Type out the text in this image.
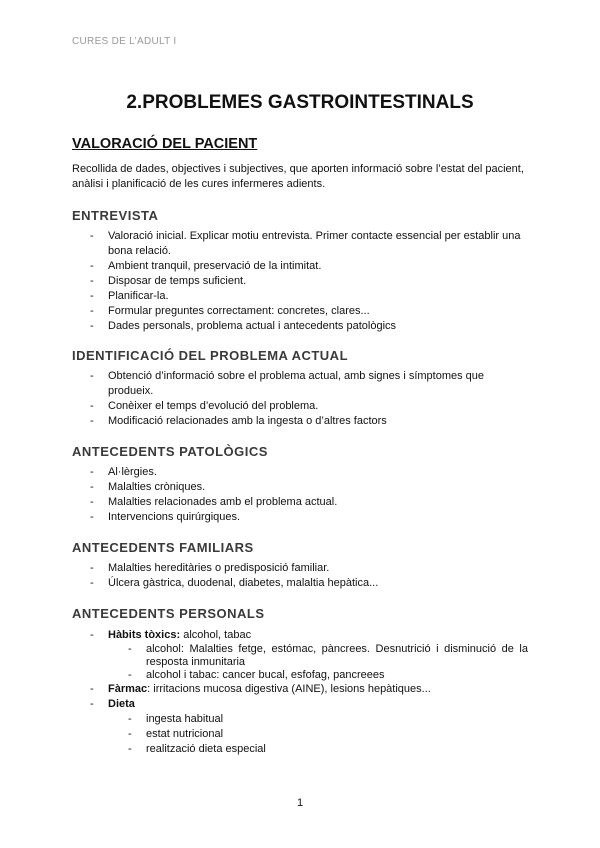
CURES DE L’ADULT I
2.PROBLEMES GASTROINTESTINALS
VALORACIÓ DEL PACIENT
Recollida de dades, objectives i subjectives, que aporten informació sobre l’estat del pacient, anàlisi i planificació de les cures infermeres adients.
ENTREVISTA
- Valoració inicial. Explicar motiu entrevista. Primer contacte essencial per establir una bona relació.
- Ambient tranquil, preservació de la intimitat.
- Disposar de temps suficient.
- Planificar-la.
- Formular preguntes correctament: concretes, clares...
- Dades personals, problema actual i antecedents patològics
IDENTIFICACIÓ DEL PROBLEMA ACTUAL
- Obtenció d’informació sobre el problema actual, amb signes i símptomes que produeix.
- Conèixer el temps d’evolució del problema.
- Modificació relacionades amb la ingesta o d’altres factors
ANTECEDENTS PATOLÒGICS
- Al·lèrgies.
- Malalties cròniques.
- Malalties relacionades amb el problema actual.
- Intervencions quirúrgiques.
ANTECEDENTS FAMILIARS
- Malalties hereditàries o predisposició familiar.
- Úlcera gàstrica, duodenal, diabetes, malaltia hepàtica...
ANTECEDENTS PERSONALS
- Hàbits tòxics: alcohol, tabac
- alcohol: Malalties fetge, estómac, pàncrees. Desnutrició i disminució de la resposta inmunitaria
- alcohol i tabac: cancer bucal, esfofag, pancreees
- Fàrmac: irritacions mucosa digestiva (AINE), lesions hepàtiques...
- Dieta
- ingesta habitual
- estat nutricional
- realització dieta especial
1
